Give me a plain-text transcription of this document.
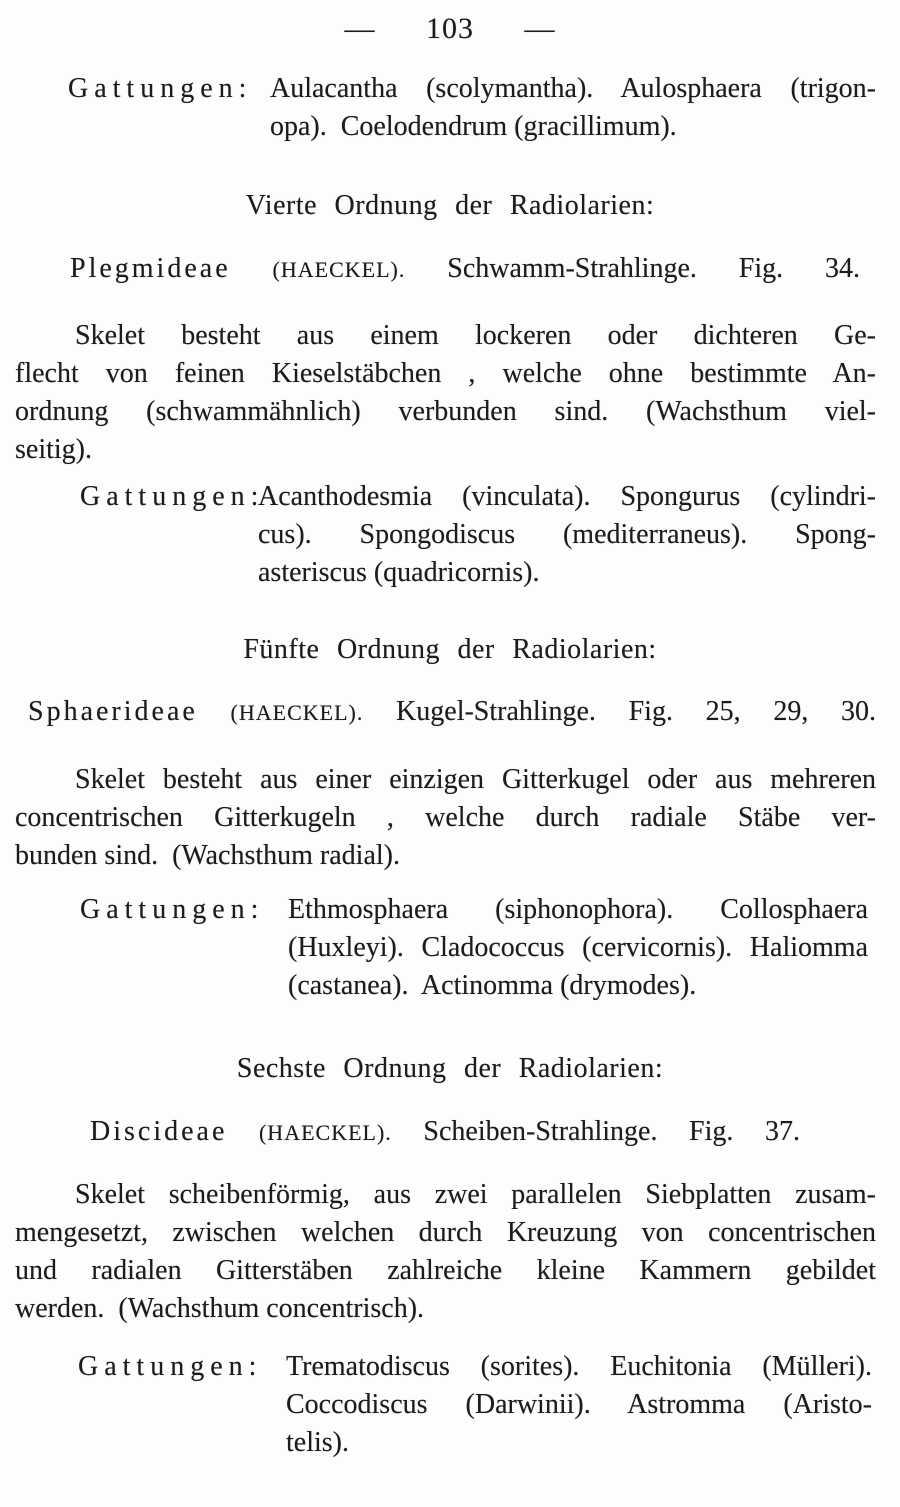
— 103 —
Gattungen: Aulacantha (scolymantha). Aulosphaera (trigon-
opa).  Coelodendrum (gracillimum).
Vierte Ordnung der Radiolarien:
Plegmideae (HAECKEL). Schwamm-Strahlinge. Fig. 34.
Skelet besteht aus einem lockeren oder dichteren Ge-
flecht von feinen Kieselstäbchen , welche ohne bestimmte An-
ordnung (schwammähnlich) verbunden sind. (Wachsthum viel-
seitig).
Gattungen:
Acanthodesmia (vinculata). Spongurus (cylindri-
cus). Spongodiscus (mediterraneus). Spong-
asteriscus (quadricornis).
Fünfte Ordnung der Radiolarien:
Sphaerideae (HAECKEL). Kugel-Strahlinge. Fig. 25, 29, 30.
Skelet besteht aus einer einzigen Gitterkugel oder aus mehreren
concentrischen Gitterkugeln , welche durch radiale Stäbe ver-
bunden sind.  (Wachsthum radial).
Gattungen: Ethmosphaera (siphonophora). Collosphaera
(Huxleyi). Cladococcus (cervicornis). Haliomma
(castanea).  Actinomma (drymodes).
Sechste Ordnung der Radiolarien:
Discideae (HAECKEL). Scheiben-Strahlinge. Fig. 37.
Skelet scheibenförmig, aus zwei parallelen Siebplatten zusam-
mengesetzt, zwischen welchen durch Kreuzung von concentrischen
und radialen Gitterstäben zahlreiche kleine Kammern gebildet
werden.  (Wachsthum concentrisch).
Gattungen: Trematodiscus (sorites). Euchitonia (Mülleri).
Coccodiscus (Darwinii). Astromma (Aristo-
telis).
